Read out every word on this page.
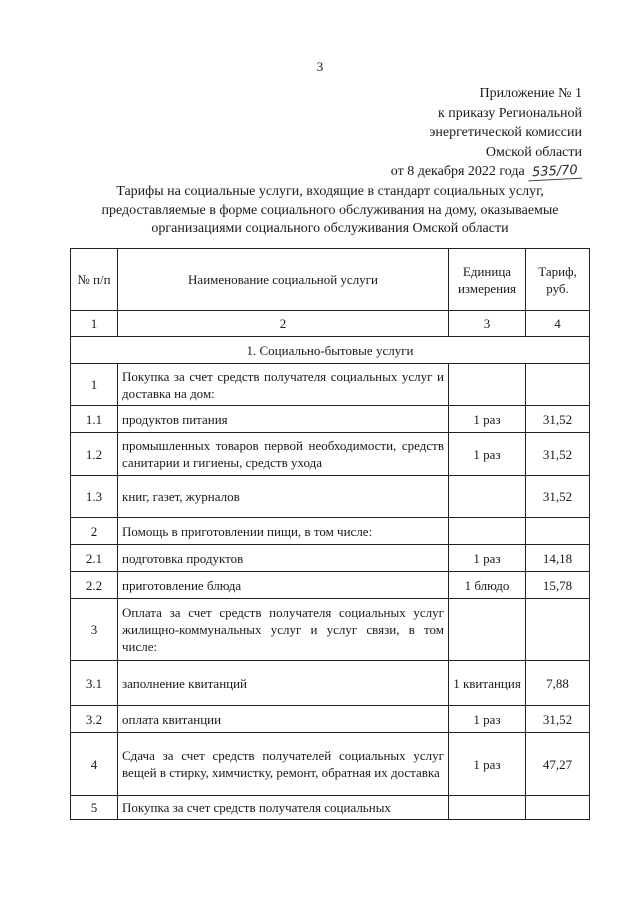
3
Приложение № 1
к приказу Региональной
энергетической комиссии
Омской области
от 8 декабря 2022 года 535/70
Тарифы на социальные услуги, входящие в стандарт социальных услуг,
предоставляемые в форме социального обслуживания на дому, оказываемые
организациями социального обслуживания Омской области
№ п/п	Наименование социальной услуги	Единица измерения	Тариф, руб.
1	2	3	4
1. Социально-бытовые услуги			
1	Покупка за счет средств получателя социальных услуг и доставка на дом:		
1.1	продуктов питания	1 раз	31,52
1.2	промышленных товаров первой необходимости, средств санитарии и гигиены, средств ухода	1 раз	31,52
1.3	книг, газет, журналов		31,52
2	Помощь в приготовлении пищи, в том числе:		
2.1	подготовка продуктов	1 раз	14,18
2.2	приготовление блюда	1 блюдо	15,78
3	Оплата за счет средств получателя социальных услуг жилищно-коммунальных услуг и услуг связи, в том числе:		
3.1	заполнение квитанций	1 квитанция	7,88
3.2	оплата квитанции	1 раз	31,52
4	Сдача за счет средств получателей социальных услуг вещей в стирку, химчистку, ремонт, обратная их доставка	1 раз	47,27
5	Покупка за счет средств получателя социальных		
